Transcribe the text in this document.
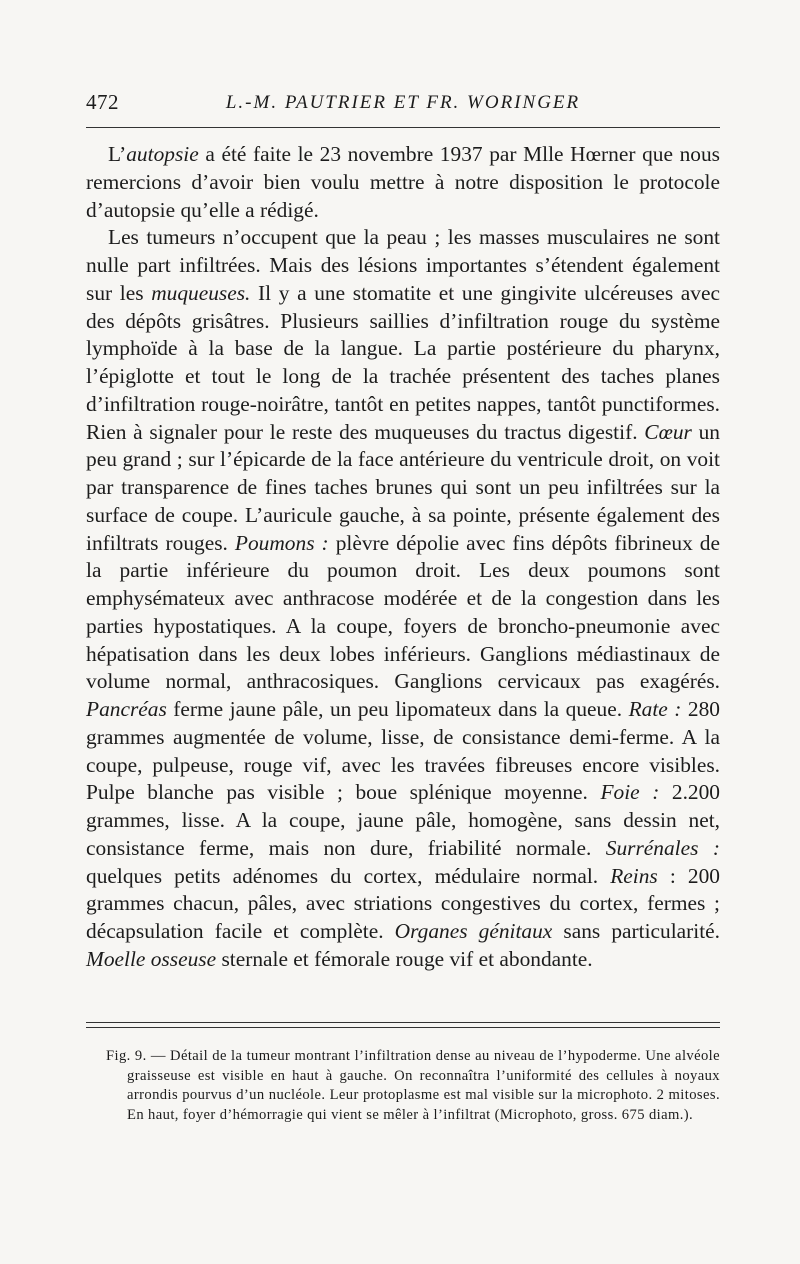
472	L.-M. PAUTRIER ET FR. WORINGER

L’autopsie a été faite le 23 novembre 1937 par Mlle Hœrner que nous remercions d’avoir bien voulu mettre à notre disposition le protocole d’autopsie qu’elle a rédigé.

Les tumeurs n’occupent que la peau ; les masses musculaires ne sont nulle part infiltrées. Mais des lésions importantes s’étendent également sur les muqueuses. Il y a une stomatite et une gingivite ulcéreuses avec des dépôts grisâtres. Plusieurs saillies d’infiltration rouge du système lymphoïde à la base de la langue. La partie postérieure du pharynx, l’épiglotte et tout le long de la trachée présentent des taches planes d’infiltration rouge-noirâtre, tantôt en petites nappes, tantôt punctiformes. Rien à signaler pour le reste des muqueuses du tractus digestif. Cœur un peu grand ; sur l’épicarde de la face antérieure du ventricule droit, on voit par transparence de fines taches brunes qui sont un peu infiltrées sur la surface de coupe. L’auricule gauche, à sa pointe, présente également des infiltrats rouges. Poumons : plèvre dépolie avec fins dépôts fibrineux de la partie inférieure du poumon droit. Les deux poumons sont emphysémateux avec anthracose modérée et de la congestion dans les parties hypostatiques. A la coupe, foyers de broncho-pneumonie avec hépatisation dans les deux lobes inférieurs. Ganglions médiastinaux de volume normal, anthracosiques. Ganglions cervicaux pas exagérés. Pancréas ferme jaune pâle, un peu lipomateux dans la queue. Rate : 280 grammes augmentée de volume, lisse, de consistance demi-ferme. A la coupe, pulpeuse, rouge vif, avec les travées fibreuses encore visibles. Pulpe blanche pas visible ; boue splénique moyenne. Foie : 2.200 grammes, lisse. A la coupe, jaune pâle, homogène, sans dessin net, consistance ferme, mais non dure, friabilité normale. Surrénales : quelques petits adénomes du cortex, médulaire normal. Reins : 200 grammes chacun, pâles, avec striations congestives du cortex, fermes ; décapsulation facile et complète. Organes génitaux sans particularité. Moelle osseuse sternale et fémorale rouge vif et abondante.

Fig. 9. — Détail de la tumeur montrant l’infiltration dense au niveau de l’hypoderme. Une alvéole graisseuse est visible en haut à gauche. On reconnaîtra l’uniformité des cellules à noyaux arrondis pourvus d’un nucléole. Leur protoplasme est mal visible sur la microphoto. 2 mitoses. En haut, foyer d’hémorragie qui vient se mêler à l’infiltrat (Microphoto, gross. 675 diam.).
